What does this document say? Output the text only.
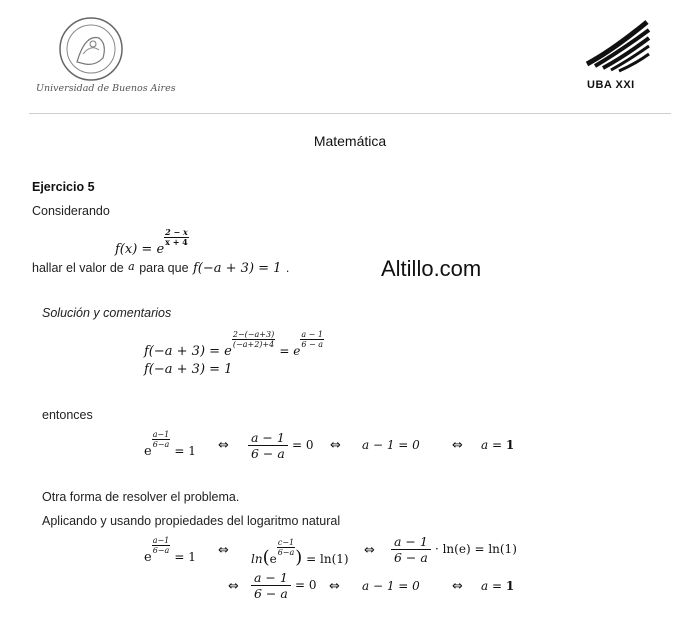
Universidad de Buenos Aires	UBA XXI
Matemática
Ejercicio 5
Considerando
f(x) = e
$\frac{2 - x}{x + 4}$
hallar el valor de a para que f(−a + 3) = 1 .	Altillo.com
Solución y comentarios
f(−a + 3) = e
$\frac{2-(-a+3)}{(-a+2)+4}$
= e
$\frac{a - 1}{6 - a}$
f(−a + 3) = 1
entonces
e
$\frac{a-1}{6-a}$
= 1 ⇔ $\frac{a - 1}{6 - a} = 0$ ⇔ a − 1 = 0 ⇔ a = 1
Otra forma de resolver el problema.
Aplicando y usando propiedades del logaritmo natural
e
$\frac{a-1}{6-a}$
= 1 ⇔
ln(e
$\frac{c-1}{6-a}$ ) = ln(1)
⇔ $\frac{a - 1}{6 - a} \cdot \ln(e) = \ln(1)$
⇔ $\frac{a - 1}{6 - a} = 0$ ⇔ a − 1 = 0 ⇔ a = 1
